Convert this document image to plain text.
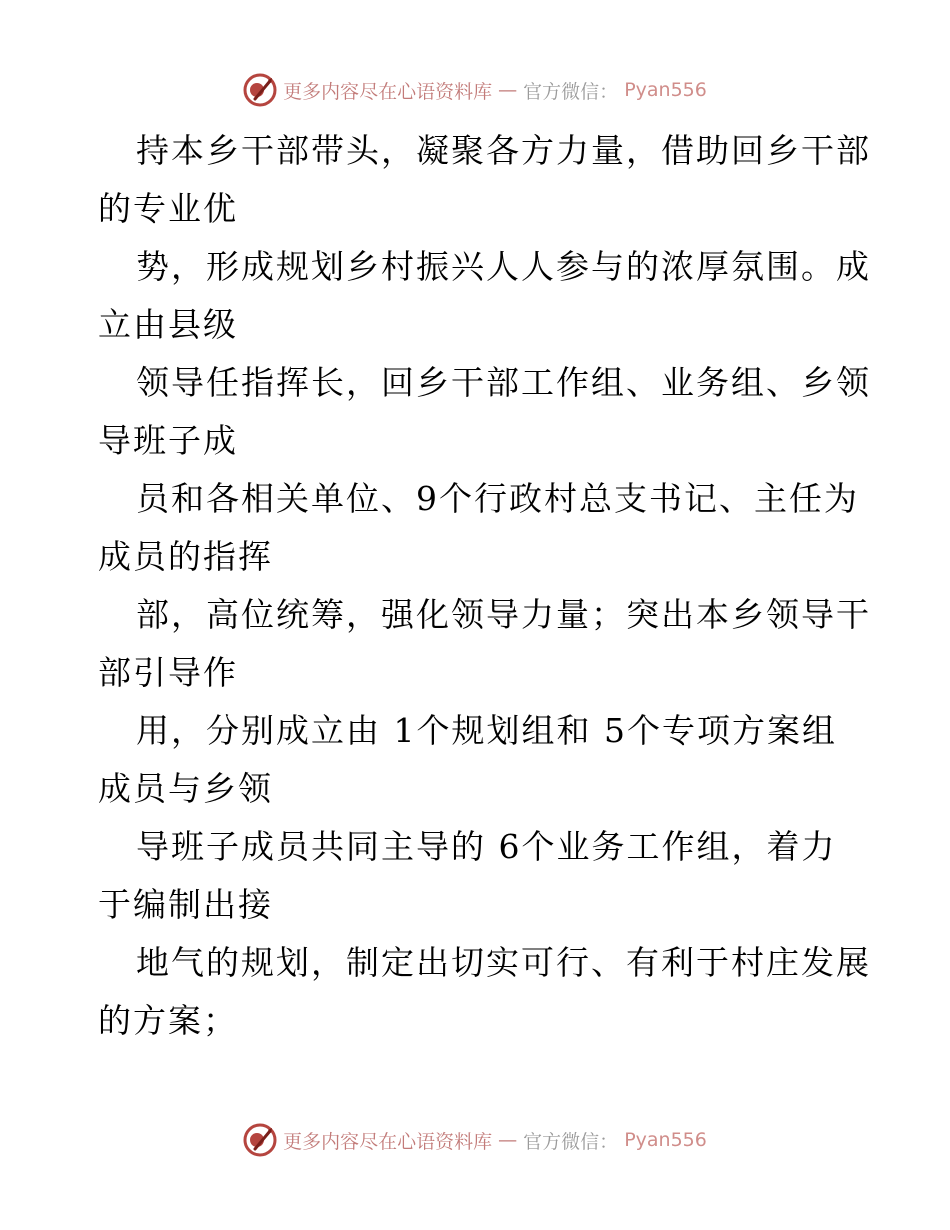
更多内容尽在心语资料库 — 官方微信： Pyan556
持本乡干部带头，凝聚各方力量，借助回乡干部
的专业优
势，形成规划乡村振兴人人参与的浓厚氛围。成
立由县级
领导任指挥长，回乡干部工作组、业务组、乡领
导班子成
员和各相关单位、9个行政村总支书记、主任为
成员的指挥
部，高位统筹，强化领导力量；突出本乡领导干
部引导作
用，分别成立由 1个规划组和 5个专项方案组
成员与乡领
导班子成员共同主导的 6个业务工作组，着力
于编制出接
地气的规划，制定出切实可行、有利于村庄发展
的方案；
更多内容尽在心语资料库 — 官方微信： Pyan556
